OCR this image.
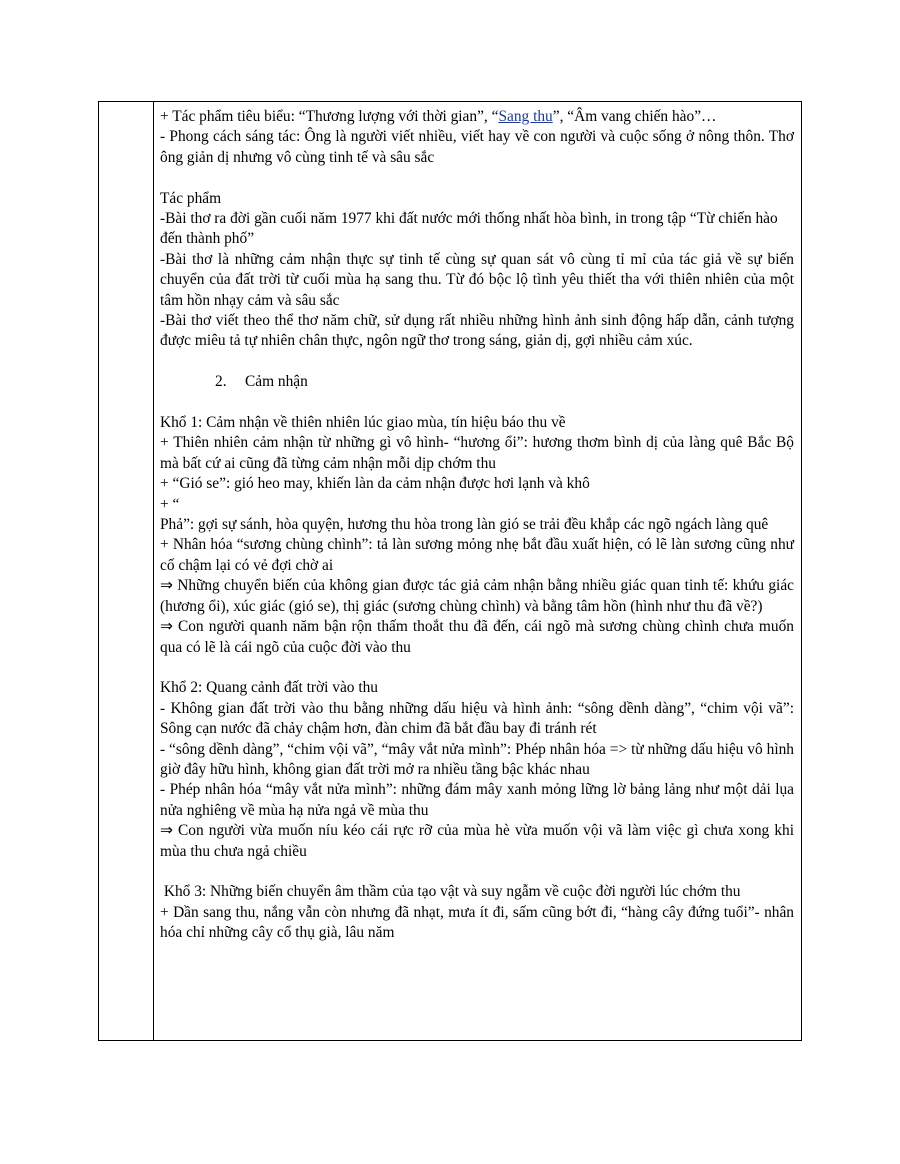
+ Tác phẩm tiêu biểu: “Thương lượng với thời gian”, “Sang thu”, “Âm vang chiến hào”…

- Phong cách sáng tác: Ông là người viết nhiều, viết hay về con người và cuộc sống ở nông thôn. Thơ ông giản dị nhưng vô cùng tinh tế và sâu sắc

Tác phẩm

-Bài thơ ra đời gần cuối năm 1977 khi đất nước mới thống nhất hòa bình, in trong tập “Từ chiến hào đến thành phố”

-Bài thơ là những cảm nhận thực sự tinh tế cùng sự quan sát vô cùng tỉ mỉ của tác giả về sự biến chuyển của đất trời từ cuối mùa hạ sang thu. Từ đó bộc lộ tình yêu thiết tha với thiên nhiên của một tâm hồn nhạy cảm và sâu sắc

-Bài thơ viết theo thể thơ năm chữ, sử dụng rất nhiều những hình ảnh sinh động hấp dẫn, cảnh tượng được miêu tả tự nhiên chân thực, ngôn ngữ thơ trong sáng, giản dị, gợi nhiều cảm xúc.

2. Cảm nhận

Khổ 1: Cảm nhận về thiên nhiên lúc giao mùa, tín hiệu báo thu về

+ Thiên nhiên cảm nhận từ những gì vô hình- “hương ổi”: hương thơm bình dị của làng quê Bắc Bộ mà bất cứ ai cũng đã từng cảm nhận mỗi dịp chớm thu

+ “Gió se”: gió heo may, khiến làn da cảm nhận được hơi lạnh và khô

+ “

Phả”: gợi sự sánh, hòa quyện, hương thu hòa trong làn gió se trải đều khắp các ngõ ngách làng quê

+ Nhân hóa “sương chùng chình”: tả làn sương mỏng nhẹ bắt đầu xuất hiện, có lẽ làn sương cũng như cố chậm lại có vẻ đợi chờ ai

⇒ Những chuyển biến của không gian được tác giả cảm nhận bằng nhiều giác quan tinh tế: khứu giác (hương ổi), xúc giác (gió se), thị giác (sương chùng chình) và bằng tâm hồn (hình như thu đã về?)

⇒ Con người quanh năm bận rộn thấm thoắt thu đã đến, cái ngõ mà sương chùng chình chưa muốn qua có lẽ là cái ngõ của cuộc đời vào thu

Khổ 2: Quang cảnh đất trời vào thu

- Không gian đất trời vào thu bằng những dấu hiệu và hình ảnh: “sông dềnh dàng”, “chim vội vã”: Sông cạn nước đã chảy chậm hơn, đàn chim đã bắt đầu bay đi tránh rét

- “sông dềnh dàng”, “chim vội vã”, “mây vắt nửa mình”: Phép nhân hóa => từ những dấu hiệu vô hình giờ đây hữu hình, không gian đất trời mở ra nhiều tầng bậc khác nhau

- Phép nhân hóa “mây vắt nửa mình”: những đám mây xanh mỏng lững lờ bảng lảng như một dải lụa nửa nghiêng về mùa hạ nửa ngả về mùa thu

⇒ Con người vừa muốn níu kéo cái rực rỡ của mùa hè vừa muốn vội vã làm việc gì chưa xong khi mùa thu chưa ngả chiều

Khổ 3: Những biến chuyển âm thầm của tạo vật và suy ngẫm về cuộc đời người lúc chớm thu

+ Dần sang thu, nắng vẫn còn nhưng đã nhạt, mưa ít đi, sấm cũng bớt đi, “hàng cây đứng tuổi”- nhân hóa chỉ những cây cổ thụ già, lâu năm
